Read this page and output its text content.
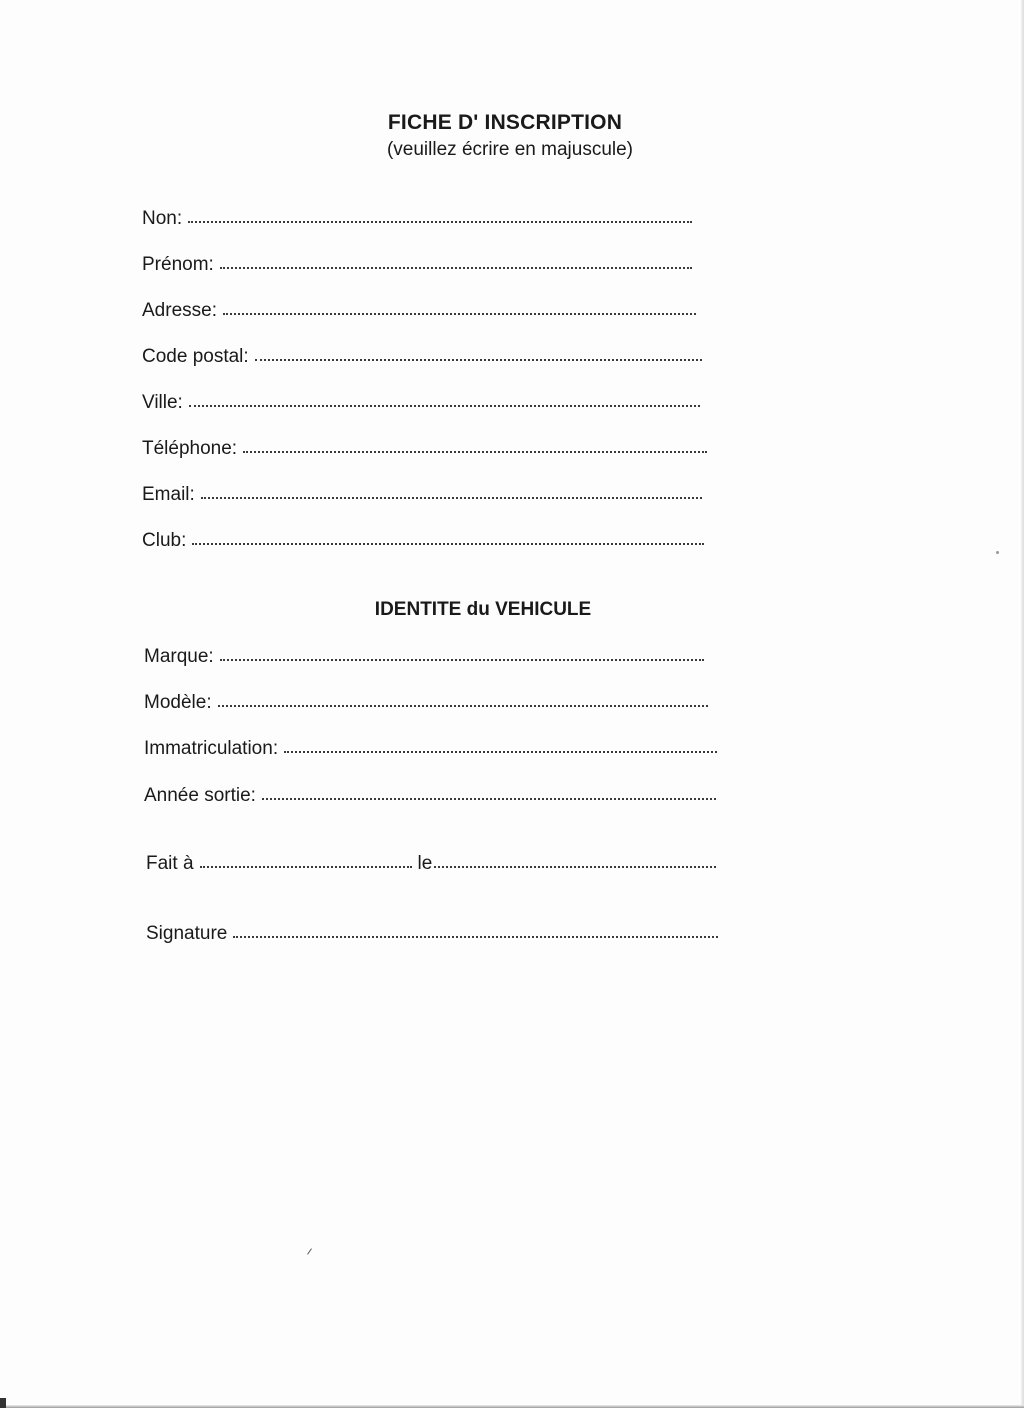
FICHE D' INSCRIPTION
(veuillez écrire en majuscule)
Non:
Prénom:
Adresse:
Code postal:
Ville:
Téléphone:
Email:
Club:
IDENTITE du VEHICULE
Marque:
Modèle:
Immatriculation:
Année sortie:
Fait à	le
Signature
